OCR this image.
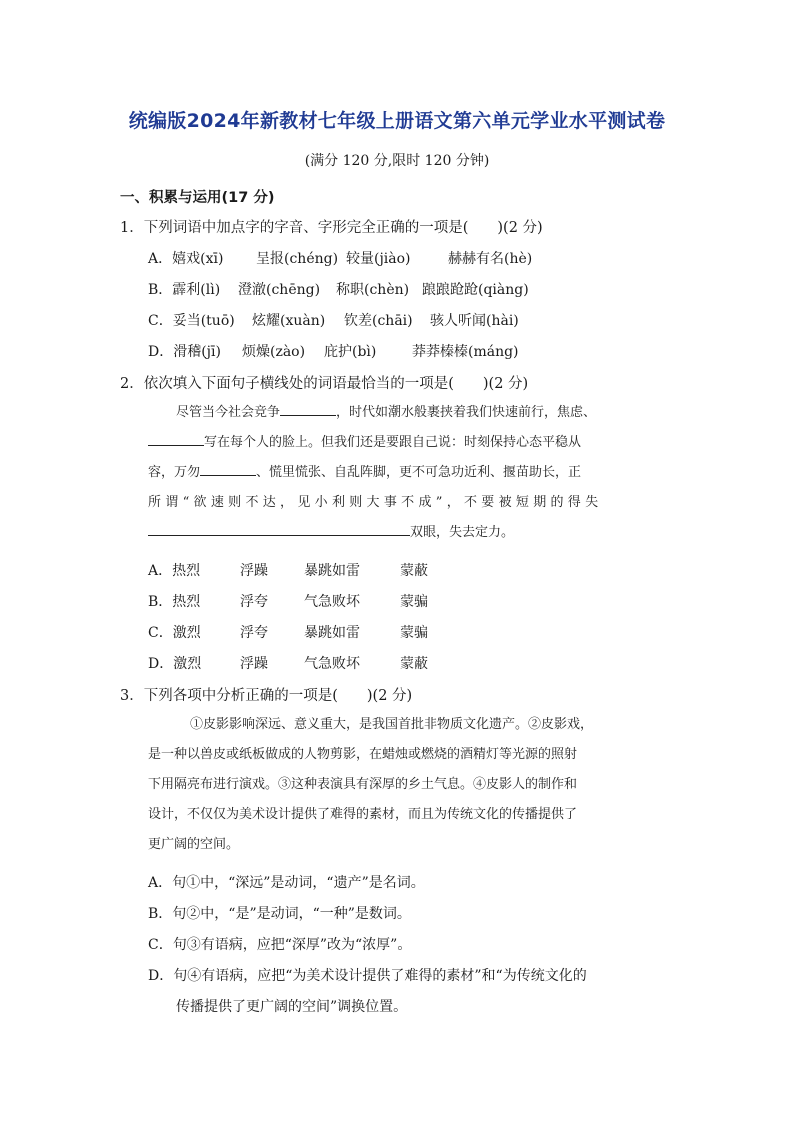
统编版2024年新教材七年级上册语文第六单元学业水平测试卷
(满分 120 分,限时 120 分钟)
一、积累与运用(17 分)
1．下列词语中加点字的字音、字形完全正确的一项是(　　)(2 分)
A．嬉戏(xī) 呈报(chéng) 较量(jiào)	赫赫有名(hè)
B．霹利(lì) 澄澈(chēng) 称职(chèn) 踉踉跄跄(qiàng)
C．妥当(tuō) 炫耀(xuàn) 钦差(chāi) 骇人听闻(hài)
D．滑稽(jī) 烦燥(zào) 庇护(bì)	莽莽榛榛(máng)
2．依次填入下面句子横线处的词语最恰当的一项是(　　)(2 分)
尽管当今社会竞争	，时代如潮水般裹挟着我们快速前行，焦虑、
写在每个人的脸上。但我们还是要跟自己说：时刻保持心态平稳从
容，万勿	、慌里慌张、自乱阵脚，更不可急功近利、揠苗助长，正
所谓“欲速则不达，见小利则大事不成”，不要被短期的得失
双眼，失去定力。
A．热烈	浮躁	暴跳如雷	蒙蔽
B．热烈	浮夸	气急败坏	蒙骗
C．激烈	浮夸	暴跳如雷	蒙骗
D．激烈	浮躁	气急败坏	蒙蔽
3．下列各项中分析正确的一项是(　　)(2 分)
①皮影影响深远、意义重大，是我国首批非物质文化遗产。②皮影戏，
是一种以兽皮或纸板做成的人物剪影，在蜡烛或燃烧的酒精灯等光源的照射
下用隔亮布进行演戏。③这种表演具有深厚的乡土气息。④皮影人的制作和
设计，不仅仅为美术设计提供了难得的素材，而且为传统文化的传播提供了
更广阔的空间。
A．句①中，“深远”是动词，“遗产”是名词。
B．句②中，“是”是动词，“一种”是数词。
C．句③有语病，应把“深厚”改为“浓厚”。
D．句④有语病，应把“为美术设计提供了难得的素材”和“为传统文化的
传播提供了更广阔的空间”调换位置。
